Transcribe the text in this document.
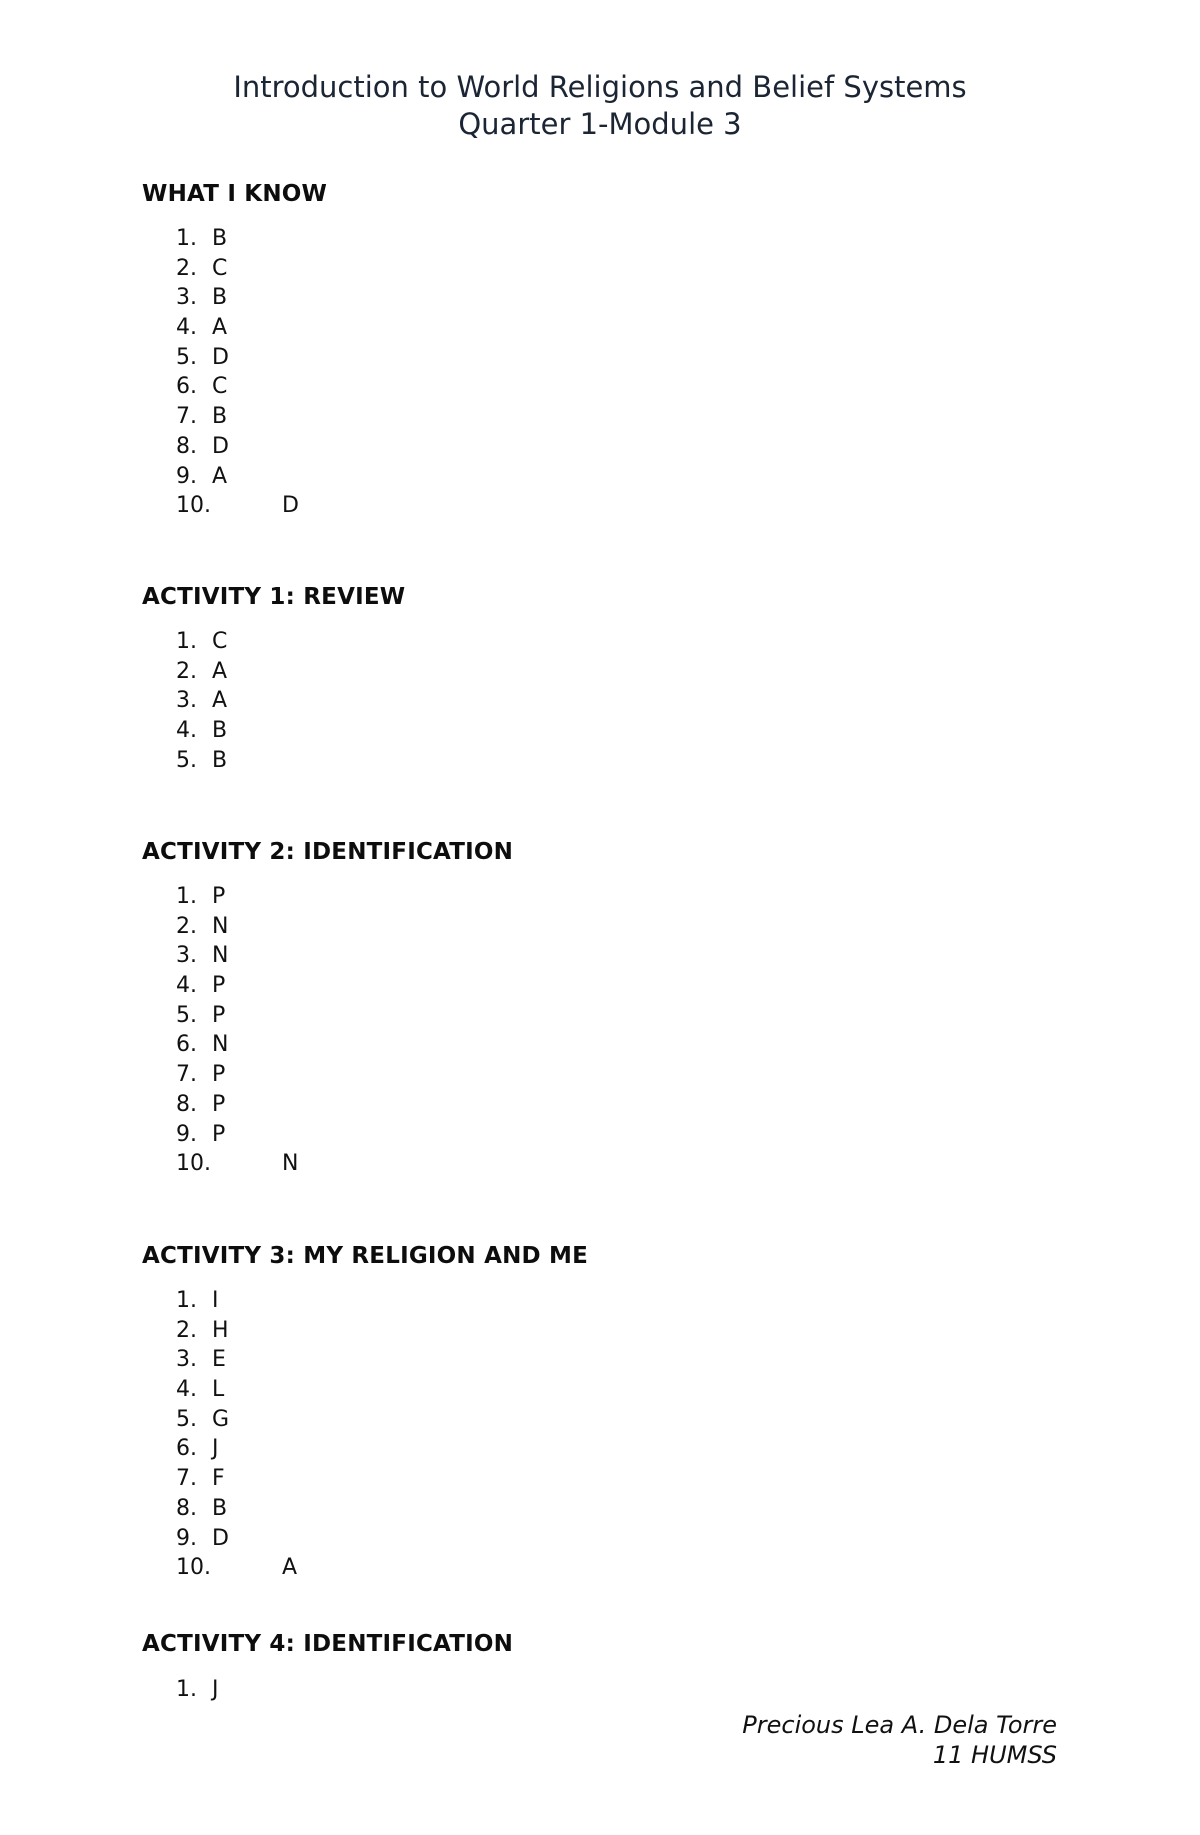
Introduction to World Religions and Belief Systems
Quarter 1-Module 3
WHAT I KNOW
1. B
2. C
3. B
4. A
5. D
6. C
7. B
8. D
9. A
10.	D
ACTIVITY 1: REVIEW
1. C
2. A
3. A
4. B
5. B
ACTIVITY 2: IDENTIFICATION
1. P
2. N
3. N
4. P
5. P
6. N
7. P
8. P
9. P
10.	N
ACTIVITY 3: MY RELIGION AND ME
1. I
2. H
3. E
4. L
5. G
6. J
7. F
8. B
9. D
10.	A
ACTIVITY 4: IDENTIFICATION
1. J
Precious Lea A. Dela Torre
11 HUMSS
